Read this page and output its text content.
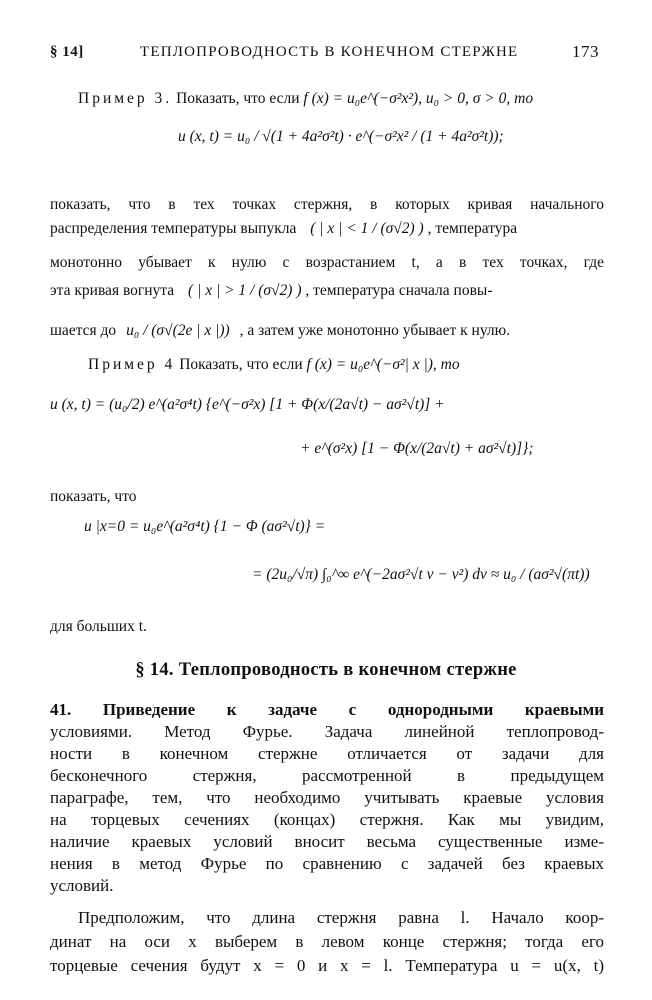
§ 14]	ТЕПЛОПРОВОДНОСТЬ В КОНЕЧНОМ СТЕРЖНЕ	173
Пример 3. Показать, что если f (x) = u₀e^(−σ²x²), u₀ > 0, σ > 0, то
u (x, t) = u₀ / √(1 + 4a²σ²t) · e^(−σ²x² / (1 + 4a²σ²t));
показать, что в тех точках стержня, в которых кривая начального
распределения температуры выпукла ( | x | < 1 / (σ√2) ) , температура
монотонно убывает к нулю с возрастанием t, а в тех точках, где
эта кривая вогнута ( | x | > 1 / (σ√2) ) , температура сначала повы-
шается до u₀ / (σ√(2e | x |)) , а затем уже монотонно убывает к нулю.
Пример 4 Показать, что если f (x) = u₀e^(−σ²| x |), то
u (x, t) = (u₀/2) e^(a²σ⁴t) {e^(−σ²x) [1 + Φ(x/(2a√t) − aσ²√t)] +
+ e^(σ²x) [1 − Φ(x/(2a√t) + aσ²√t)]};
показать, что
u |x=0 = u₀e^(a²σ⁴t) {1 − Φ (aσ²√t)} =
= (2u₀/√π) ∫₀^∞ e^(−2aσ²√t ν − ν²) dν ≈ u₀ / (aσ²√(πt))
для больших t.
§ 14. Теплопроводность в конечном стержне
41. Приведение к задаче с однородными краевыми
условиями. Метод Фурье. Задача линейной теплопровод-
ности в конечном стержне отличается от задачи для
бесконечного стержня, рассмотренной в предыдущем
параграфе, тем, что необходимо учитывать краевые условия
на торцевых сечениях (концах) стержня. Как мы увидим,
наличие краевых условий вносит весьма существенные изме-
нения в метод Фурье по сравнению с задачей без краевых
условий.
Предположим, что длина стержня равна l. Начало коор-
динат на оси x выберем в левом конце стержня; тогда его
торцевые сечения будут x = 0 и x = l. Температура u = u(x, t)
